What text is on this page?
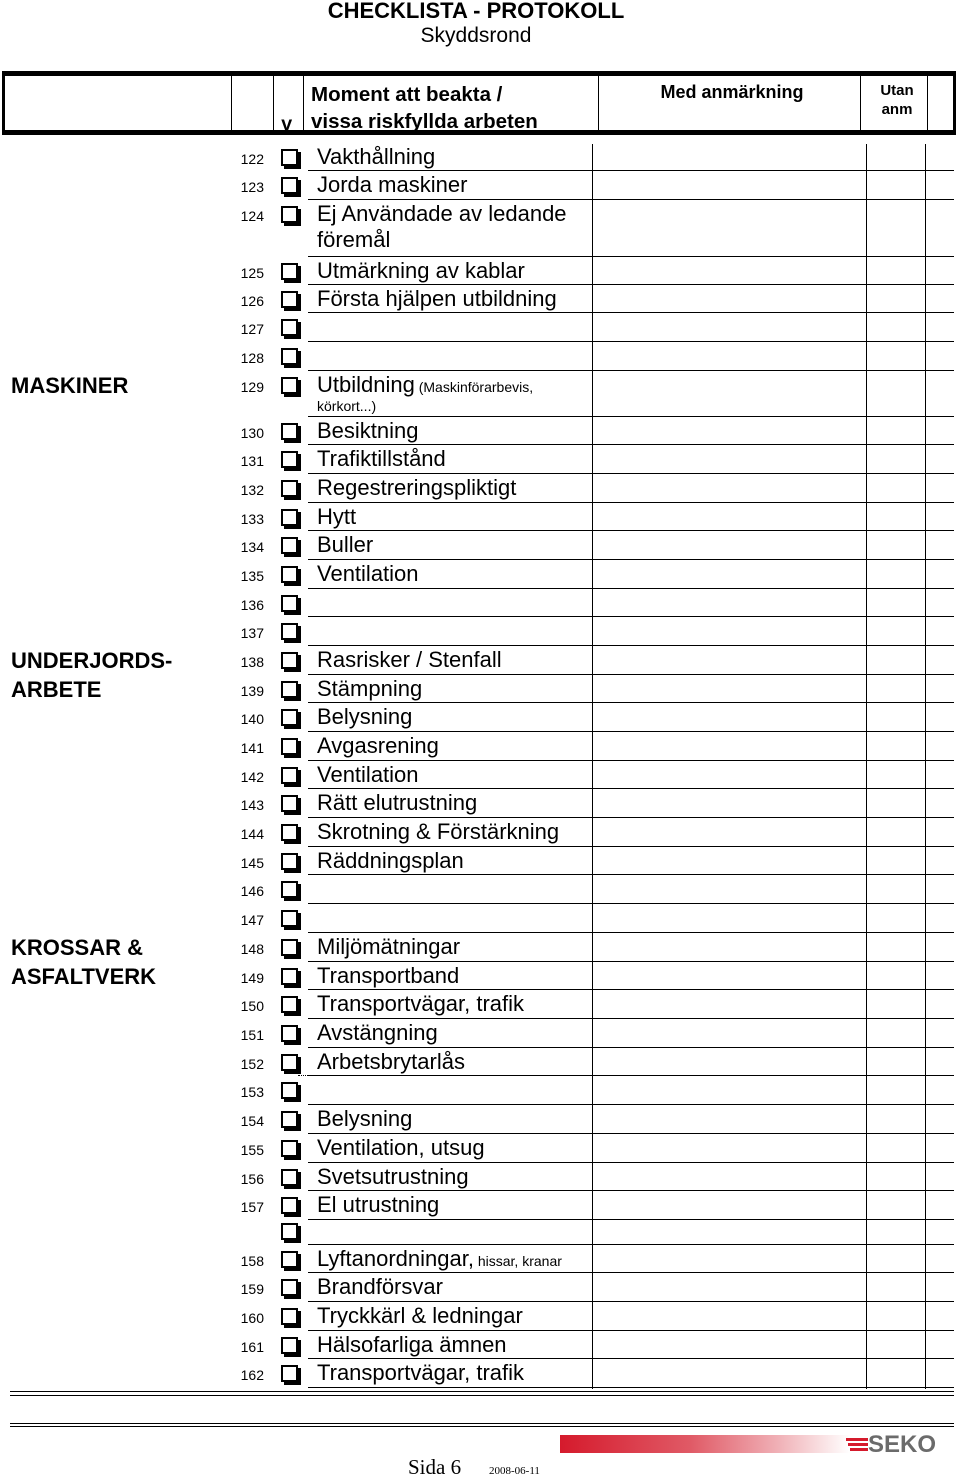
CHECKLISTA - PROTOKOLL
Skyddsrond
v
Moment att beakta /
vissa riskfyllda arbeten
Med anmärkning	Utan
anm
MASKINER
UNDERJORDS-
ARBETE
KROSSAR &
ASFALTVERK
122 Vakthållning
123 Jorda maskiner
124 Ej Användade av ledande
föremål
125 Utmärkning av kablar
126 Första hjälpen utbildning
127
128
129 Utbildning (Maskinförarbevis,
körkort...)
130 Besiktning
131 Trafiktillstånd
132 Regestreringspliktigt
133 Hytt
134 Buller
135 Ventilation
136
137
138 Rasrisker / Stenfall
139 Stämpning
140 Belysning
141 Avgasrening
142 Ventilation
143 Rätt elutrustning
144 Skrotning & Förstärkning
145 Räddningsplan
146
147
148 Miljömätningar
149 Transportband
150 Transportvägar, trafik
151 Avstängning
152 Arbetsbrytarlås
153
154 Belysning
155 Ventilation, utsug
156 Svetsutrustning
157 El utrustning
158 Lyftanordningar, hissar, kranar
159 Brandförsvar
160 Tryckkärl & ledningar
161 Hälsofarliga ämnen
162 Transportvägar, trafik
Sida 6	2008-06-11
SEKO
